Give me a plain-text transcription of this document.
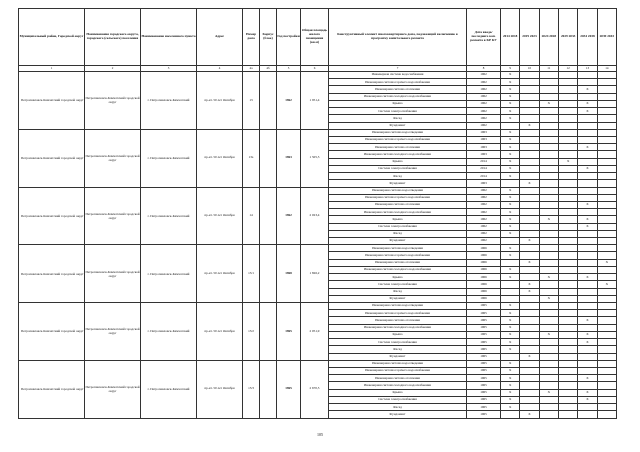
Муниципальный район, Городской округ	Наименование городского округа, городского (сельского) поселения	Наименование населенного пункта	Адрес	Номер дома	Корпус (блок)	Год постройки	Общая площадь жилого помещения (кв.м)	Конструктивный элемент многоквартирного дома, подлежащий включению в программу капитального ремонта	Дата ввода/ последнего кап. ремонта в КР КУ	2014 2018	2019 2023	2024 2028	2029 2033	2034 2038	2039 2043
1	2	3	4	4а	4б	5	6	7	8	9	10	11	12	13	14
Петропавловск-Камчатский городской округ	Петропавловск-Камчатский городской округ	г. Петропавловск-Камчатский	пр-кт. 50 лет Октября	13		1962	1 951,4	Инженерная система водоснабжения	1962	X					
								Инженерная система горячего водоснабжения	1962	X					
								Инженерная система отопления	1962	X				X	
								Инженерная система холодного водоснабжения	1962	X					
								Крыша	1962	X		X		X	
								Система электроснабжения	1962	X				X	
								Фасад	1962	X					
								Фундамент	1962		X				
Петропавловск-Камчатский городской округ	Петропавловск-Камчатский городской округ	г. Петропавловск-Камчатский	пр-кт. 50 лет Октября	13а		1963	1 505,5	Инженерная система водоотведения	1963	X					
								Инженерная система горячего водоснабжения	1963	X					
								Инженерная система отопления	1963	X				X	
								Инженерная система холодного водоснабжения	1963	X					
								Крыша	2014	X			X		
								Система электроснабжения	2014	X				X	
								Фасад	2014	X					
								Фундамент	1963		X				
Петропавловск-Камчатский городской округ	Петропавловск-Камчатский городской округ	г. Петропавловск-Камчатский	пр-кт. 50 лет Октября	14		1962	2 023,4	Инженерная система водоотведения	1962	X					
								Инженерная система горячего водоснабжения	1962	X					
								Инженерная система отопления	1962	X				X	
								Инженерная система холодного водоснабжения	1962	X					
								Крыша	1962	X		X		X	
								Система электроснабжения	1962	X				X	
								Фасад	1962	X					
								Фундамент	1962		X				
Петропавловск-Камчатский городской округ	Петропавловск-Камчатский городской округ	г. Петропавловск-Камчатский	пр-кт. 50 лет Октября	13/1		1968	1 826,2	Инженерная система водоотведения	1966	X					
								Инженерная система горячего водоснабжения	1966	X					
								Инженерная система отопления	1966		X				X
								Инженерная система холодного водоснабжения	1966	X					
								Крыша	1966	X		X		X	
								Система электроснабжения	1966		X				X
								Фасад	1966		X				
								Фундамент	1966			X			
Петропавловск-Камчатский городской округ	Петропавловск-Камчатский городской округ	г. Петропавловск-Камчатский	пр-кт. 50 лет Октября	13/2		1965	2 051,9	Инженерная система водоотведения	1965	X					
								Инженерная система горячего водоснабжения	1965	X					
								Инженерная система отопления	1965	X				X	
								Инженерная система холодного водоснабжения	1965	X					
								Крыша	1965	X		X		X	
								Система электроснабжения	1965	X				X	
								Фасад	1965	X					
								Фундамент	1965		X				
Петропавловск-Камчатский городской округ	Петропавловск-Камчатский городской округ	г. Петропавловск-Камчатский	пр-кт. 50 лет Октября	15/3		1965	2 670,5	Инженерная система водоотведения	1965	X					
								Инженерная система горячего водоснабжения	1965	X					
								Инженерная система отопления	1965	X				X	
								Инженерная система холодного водоснабжения	1965	X					
								Крыша	1965	X		X		X	
								Система электроснабжения	1965	X				X	
								Фасад	1965	X					
								Фундамент	1965		X				
105
